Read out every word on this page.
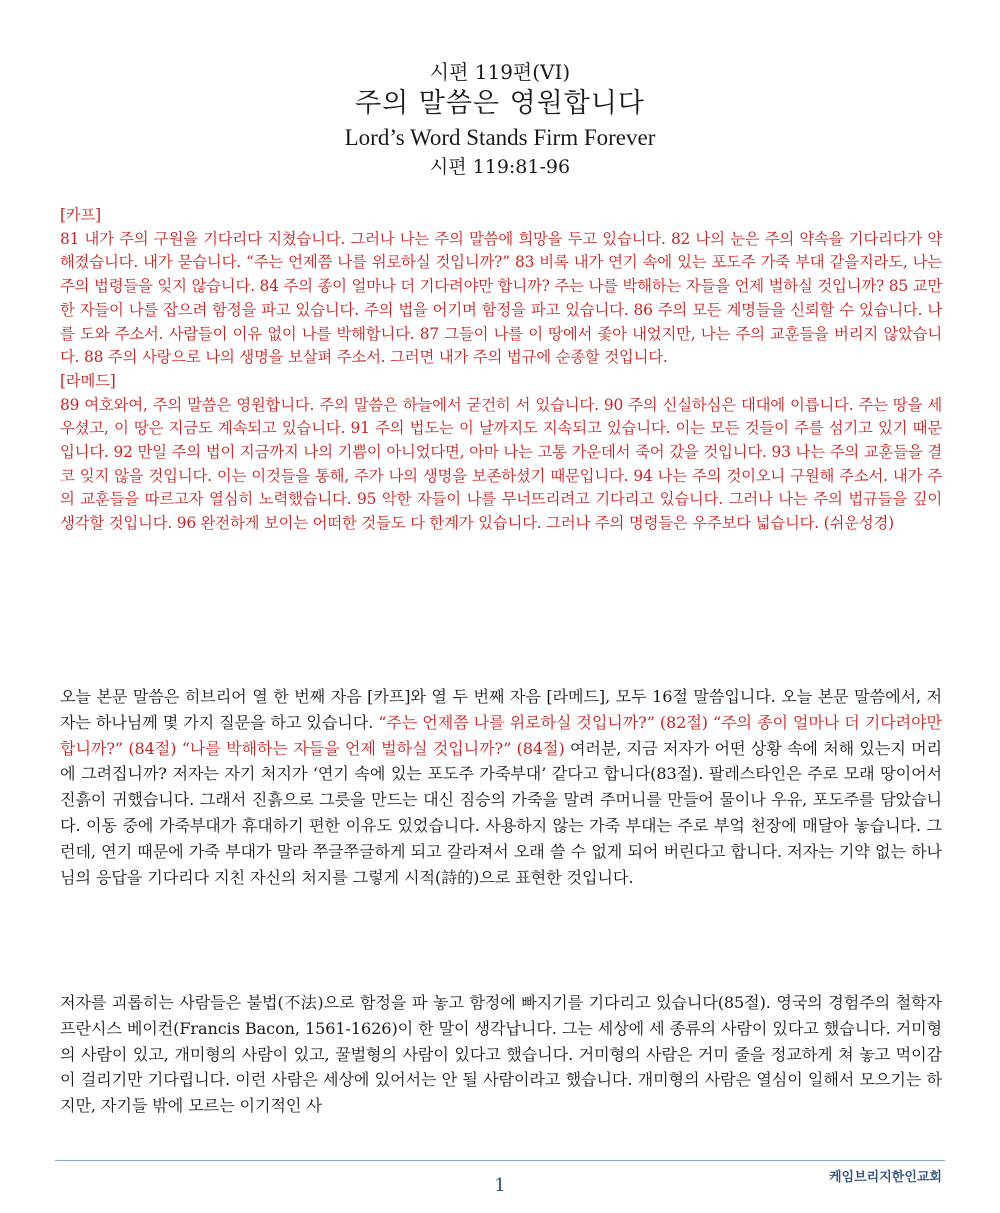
시편 119편(VI)
주의 말씀은 영원합니다
Lord’s Word Stands Firm Forever
시편 119:81-96

[카프]

81 내가 주의 구원을 기다리다 지쳤습니다. 그러나 나는 주의 말씀에 희망을 두고 있습니다. 82 나의 눈은 주의 약속을 기다리다가 약해졌습니다. 내가 묻습니다. “주는 언제쯤 나를 위로하실 것입니까?” 83 비록 내가 연기 속에 있는 포도주 가죽 부대 같을지라도, 나는 주의 법령들을 잊지 않습니다. 84 주의 종이 얼마나 더 기다려야만 합니까? 주는 나를 박해하는 자들을 언제 벌하실 것입니까? 85 교만한 자들이 나를 잡으려 함정을 파고 있습니다. 주의 법을 어기며 함정을 파고 있습니다. 86 주의 모든 계명들을 신뢰할 수 있습니다. 나를 도와 주소서. 사람들이 이유 없이 나를 박해합니다. 87 그들이 나를 이 땅에서 좇아 내었지만, 나는 주의 교훈들을 버리지 않았습니다. 88 주의 사랑으로 나의 생명을 보살펴 주소서. 그러면 내가 주의 법규에 순종할 것입니다.

[라메드]

89 여호와여, 주의 말씀은 영원합니다. 주의 말씀은 하늘에서 굳건히 서 있습니다. 90 주의 신실하심은 대대에 이릅니다. 주는 땅을 세우셨고, 이 땅은 지금도 계속되고 있습니다. 91 주의 법도는 이 날까지도 지속되고 있습니다. 이는 모든 것들이 주를 섬기고 있기 때문입니다. 92 만일 주의 법이 지금까지 나의 기쁨이 아니었다면, 아마 나는 고통 가운데서 죽어 갔을 것입니다. 93 나는 주의 교훈들을 결코 잊지 않을 것입니다. 이는 이것들을 통해, 주가 나의 생명을 보존하셨기 때문입니다. 94 나는 주의 것이오니 구원해 주소서. 내가 주의 교훈들을 따르고자 열심히 노력했습니다. 95 악한 자들이 나를 무너뜨리려고 기다리고 있습니다. 그러나 나는 주의 법규들을 깊이 생각할 것입니다. 96 완전하게 보이는 어떠한 것들도 다 한계가 있습니다. 그러나 주의 명령들은 우주보다 넓습니다. (쉬운성경)

오늘 본문 말씀은 히브리어 열 한 번째 자음 [카프]와 열 두 번째 자음 [라메드], 모두 16절 말씀입니다. 오늘 본문 말씀에서, 저자는 하나님께 몇 가지 질문을 하고 있습니다. “주는 언제쯤 나를 위로하실 것입니까?” (82절) “주의 종이 얼마나 더 기다려야만 합니까?” (84절) “나를 박해하는 자들을 언제 벌하실 것입니까?” (84절) 여러분, 지금 저자가 어떤 상황 속에 처해 있는지 머리에 그려집니까? 저자는 자기 처지가 ‘연기 속에 있는 포도주 가죽부대’ 같다고 합니다(83절). 팔레스타인은 주로 모래 땅이어서 진흙이 귀했습니다. 그래서 진흙으로 그릇을 만드는 대신 짐승의 가죽을 말려 주머니를 만들어 물이나 우유, 포도주를 담았습니다. 이동 중에 가죽부대가 휴대하기 편한 이유도 있었습니다. 사용하지 않는 가죽 부대는 주로 부엌 천장에 매달아 놓습니다. 그런데, 연기 때문에 가죽 부대가 말라 쭈글쭈글하게 되고 갈라져서 오래 쓸 수 없게 되어 버린다고 합니다. 저자는 기약 없는 하나님의 응답을 기다리다 지친 자신의 처지를 그렇게 시적(詩的)으로 표현한 것입니다.

저자를 괴롭히는 사람들은 불법(不法)으로 함정을 파 놓고 함정에 빠지기를 기다리고 있습니다(85절). 영국의 경험주의 철학자 프란시스 베이컨(Francis Bacon, 1561-1626)이 한 말이 생각납니다. 그는 세상에 세 종류의 사람이 있다고 했습니다. 거미형의 사람이 있고, 개미형의 사람이 있고, 꿀벌형의 사람이 있다고 했습니다. 거미형의 사람은 거미 줄을 정교하게 쳐 놓고 먹이감이 걸리기만 기다립니다. 이런 사람은 세상에 있어서는 안 될 사람이라고 했습니다. 개미형의 사람은 열심이 일해서 모으기는 하지만, 자기들 밖에 모르는 이기적인 사

1	케임브리지한인교회
